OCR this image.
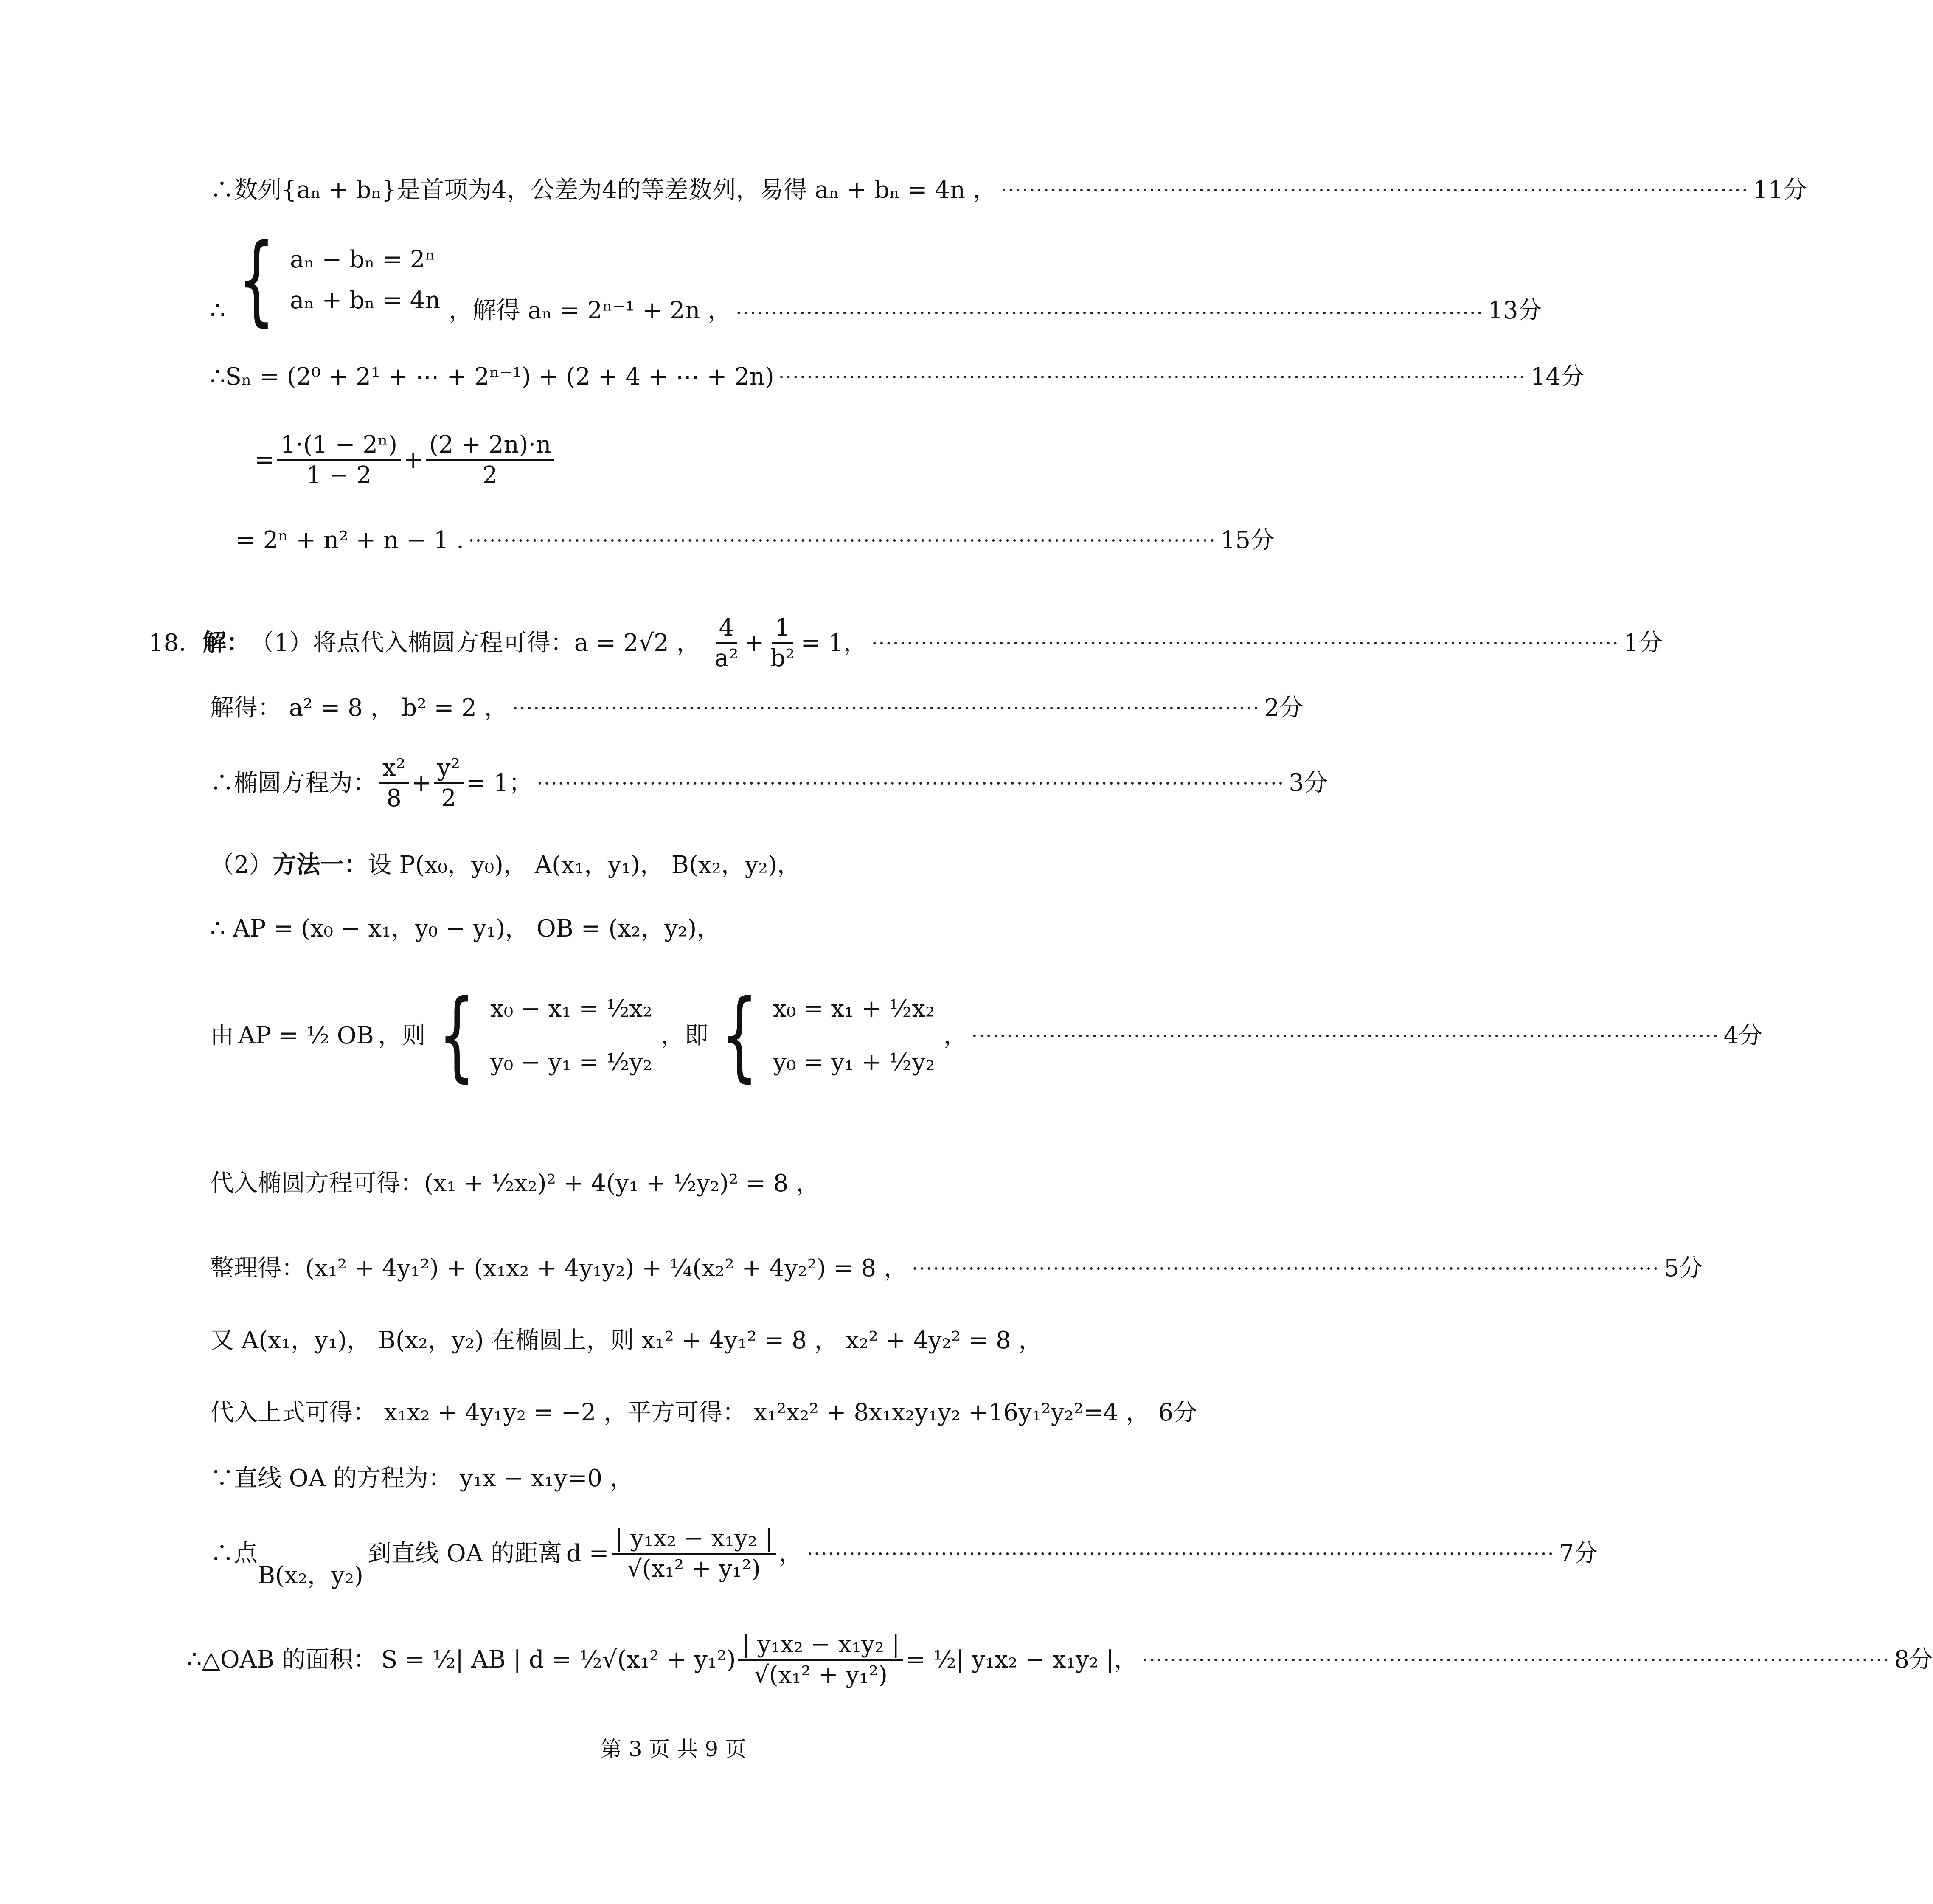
∴数列{aₙ + bₙ}是首项为4，公差为4的等差数列，易得 aₙ + bₙ = 4n ， ·········································································································· 11分
∴ { aₙ − bₙ = 2ⁿ
aₙ + bₙ = 4n ，解得 aₙ = 2ⁿ⁻¹ + 2n ， ·········································································································· 13分
∴Sₙ = (2⁰ + 2¹ + ⋯ + 2ⁿ⁻¹) + (2 + 4 + ⋯ + 2n) ·········································································································· 14分
= $\frac{\text{1·(1 − 2ⁿ)}}{1 - 2} + \frac{(2 + 2n)\cdot n}{2}$
= 2ⁿ + n² + n − 1 . ·········································································································· 15分
18． 解： （1）将点代入椭圆方程可得： a = 2√2 ， $\frac{4}{\text{a²}} + \frac{1}{\text{b²}} = 1$ ， ·········································································································· 1分
解得： a² = 8 ， b² = 2 ， ·········································································································· 2分
∴椭圆方程为： $\frac{\text{x²}}{8} + \frac{\text{y²}}{2} = 1$； ·········································································································· 3分
（2） 方法一： 设 P(x₀，y₀)， A(x₁，y₁)， B(x₂，y₂)，
∴ AP = (x₀ − x₁，y₀ − y₁)， OB = (x₂，y₂)，
由 AP = ½ OB ，则 { x₀ − x₁ = ½x₂
y₀ − y₁ = ½y₂
，即 { x₀ = x₁ + ½x₂
y₀ = y₁ + ½y₂
， ·········································································································· 4分
代入椭圆方程可得：(x₁ + ½x₂)² + 4(y₁ + ½y₂)² = 8 ，
整理得：(x₁² + 4y₁²) + (x₁x₂ + 4y₁y₂) + ¼(x₂² + 4y₂²) = 8 ， ·········································································································· 5分
又 A(x₁，y₁)， B(x₂，y₂) 在椭圆上，则 x₁² + 4y₁² = 8 ， x₂² + 4y₂² = 8 ，
代入上式可得： x₁x₂ + 4y₁y₂ = −2 ，平方可得： x₁²x₂² + 8x₁x₂y₁y₂ +16y₁²y₂²=4 ， 6分
∵直线 OA 的方程为： y₁x − x₁y=0 ，
∴点
B(x₂，y₂)
到直线 OA 的距离 $d = \frac{\text{| y₁x₂ − x₁y₂ |}}{\text{√(x₁² + y₁²)}}$ ， ·········································································································· 7分
∴△OAB 的面积： S = ½| AB | d = ½√(x₁² + $y_1^2) \frac{\text{| y₁x₂ − x₁y₂ |}}{\text{√(x₁² + y₁²)}}$ = ½| y₁x₂ − x₁y₂ |， ·········································································································· 8分
第 3 页 共 9 页
